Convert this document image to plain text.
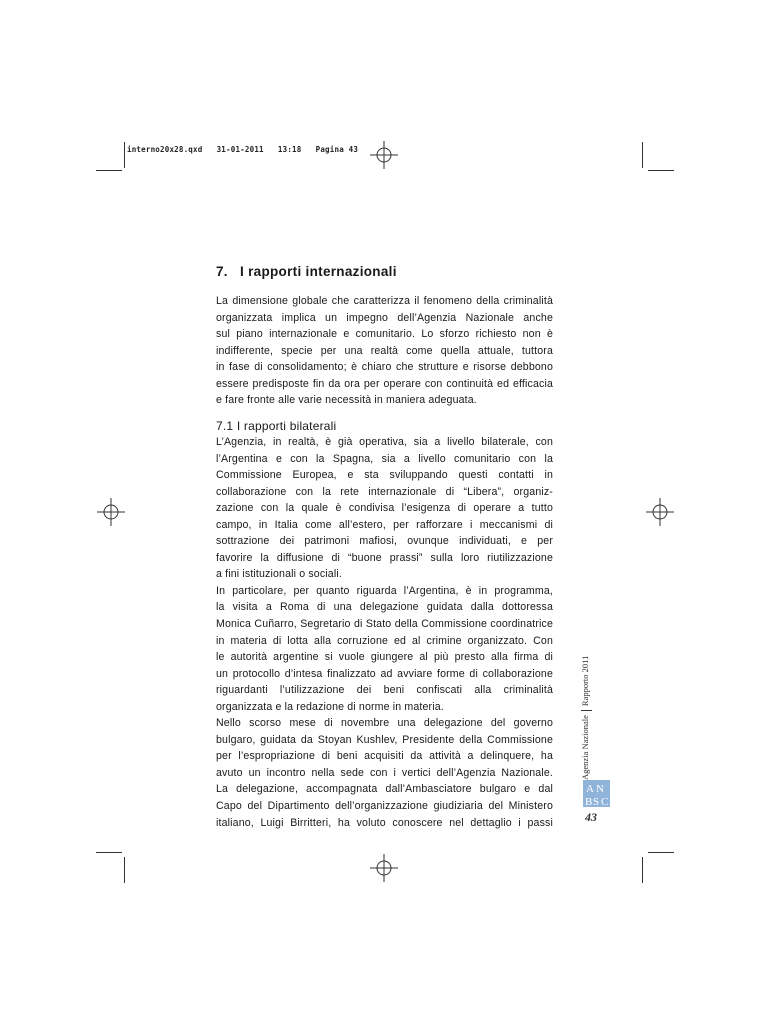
interno20x28.qxd   31-01-2011   13:18   Pagina 43
7. I rapporti internazionali
La dimensione globale che caratterizza il fenomeno della criminalità
organizzata implica un impegno dell’Agenzia Nazionale anche
sul piano internazionale e comunitario. Lo sforzo richiesto non è
indifferente, specie per una realtà come quella attuale, tuttora
in fase di consolidamento; è chiaro che strutture e risorse debbono
essere predisposte fin da ora per operare con continuità ed efficacia
e fare fronte alle varie necessità in maniera adeguata.
7.1 I rapporti bilaterali
L’Agenzia, in realtà, è già operativa, sia a livello bilaterale, con
l’Argentina e con la Spagna, sia a livello comunitario con la
Commissione Europea, e sta sviluppando questi contatti in
collaborazione con la rete internazionale di “Libera”, organiz-
zazione con la quale è condivisa l’esigenza di operare a tutto
campo, in Italia come all’estero, per rafforzare i meccanismi di
sottrazione dei patrimoni mafiosi, ovunque individuati, e per
favorire la diffusione di “buone prassi” sulla loro riutilizzazione
a fini istituzionali o sociali.
In particolare, per quanto riguarda l’Argentina, è in programma,
la visita a Roma di una delegazione guidata dalla dottoressa
Monica Cuñarro, Segretario di Stato della Commissione coordinatrice
in materia di lotta alla corruzione ed al crimine organizzato. Con
le autorità argentine si vuole giungere al più presto alla firma di
un protocollo d’intesa finalizzato ad avviare forme di collaborazione
riguardanti l’utilizzazione dei beni confiscati alla criminalità
organizzata e la redazione di norme in materia.
Nello scorso mese di novembre una delegazione del governo
bulgaro, guidata da Stoyan Kushlev, Presidente della Commissione
per l’espropriazione di beni acquisiti da attività a delinquere, ha
avuto un incontro nella sede con i vertici dell’Agenzia Nazionale.
La delegazione, accompagnata dall’Ambasciatore bulgaro e dal
Capo del Dipartimento dell’organizzazione giudiziaria del Ministero
italiano, Luigi Birritteri, ha voluto conoscere nel dettaglio i passi
Agenzia NazionaleRapporto 2011
A N
B S C
43
